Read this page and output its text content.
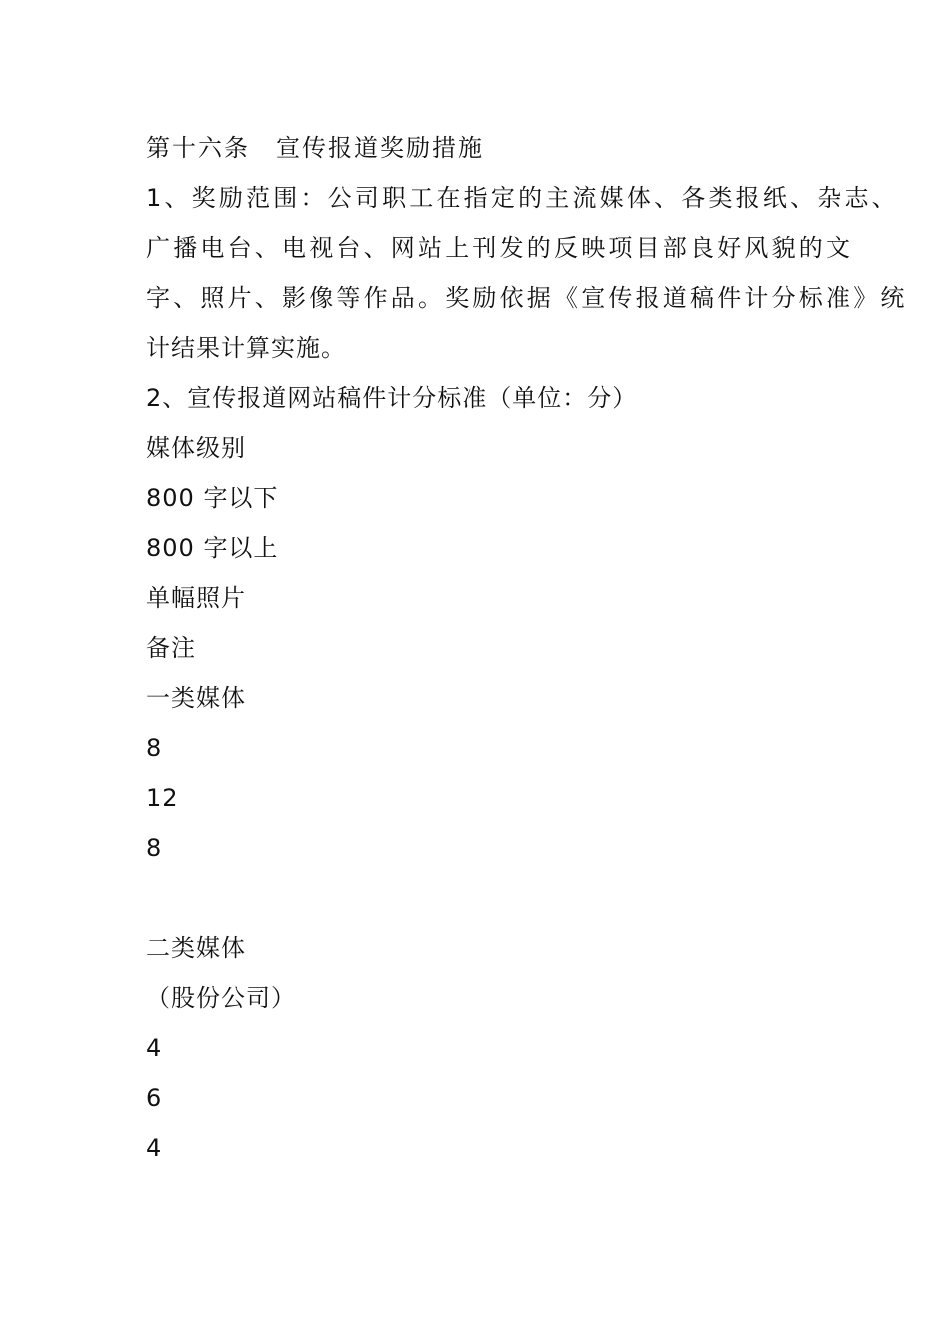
第十六条　宣传报道奖励措施
1、奖励范围：公司职工在指定的主流媒体、各类报纸、杂志、
广播电台、电视台、网站上刊发的反映项目部良好风貌的文
字、照片、影像等作品。奖励依据《宣传报道稿件计分标准》统
计结果计算实施。
2、宣传报道网站稿件计分标准（单位：分）
媒体级别
800 字以下
800 字以上
单幅照片
备注
一类媒体
8
12
8
二类媒体
（股份公司）
4
6
4
